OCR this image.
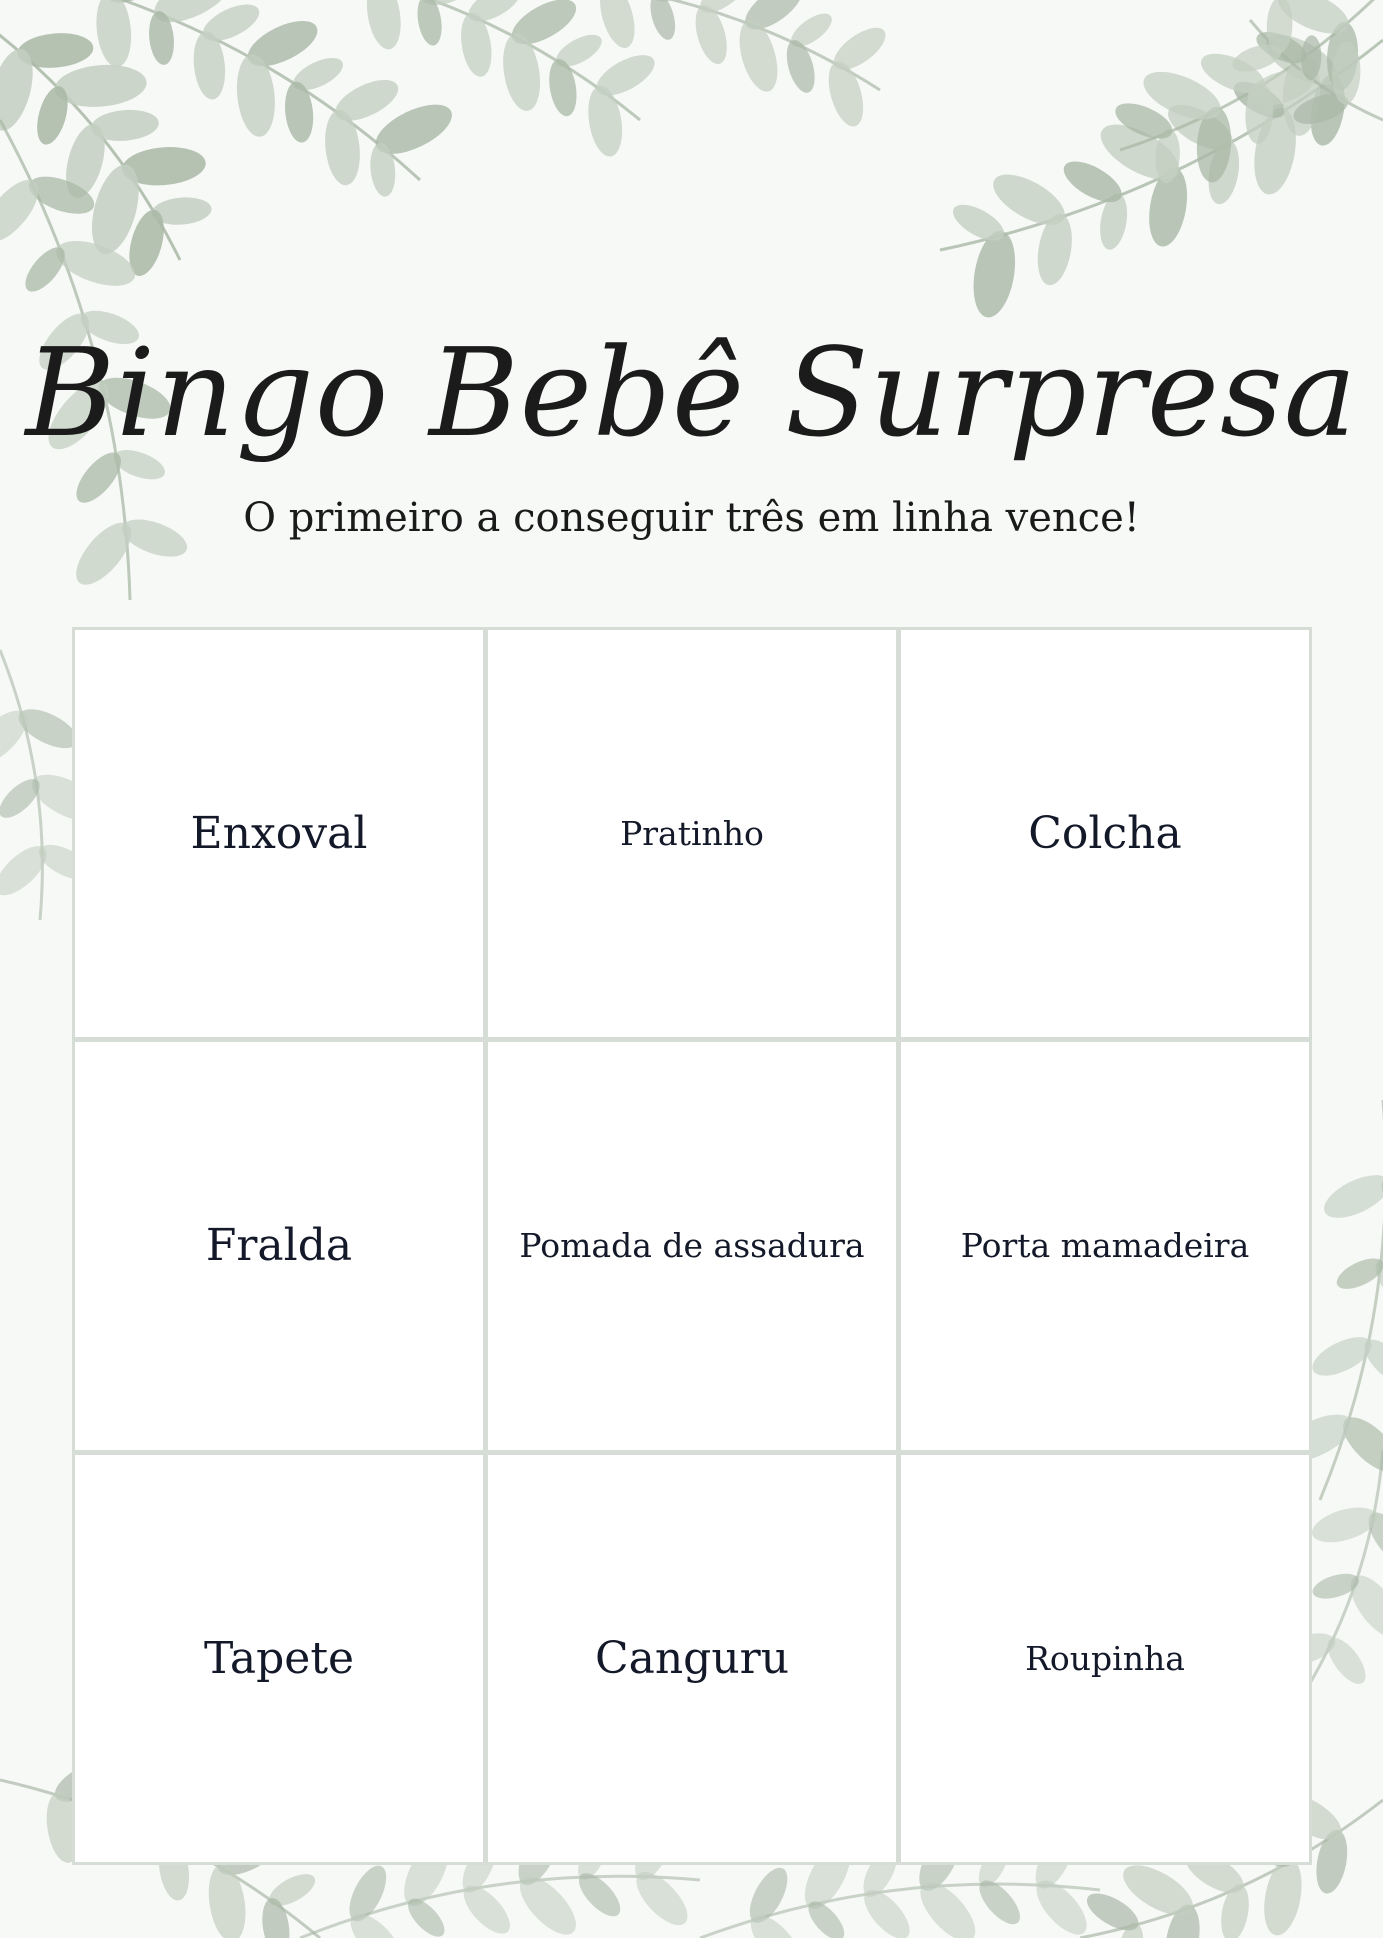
Bingo Bebê Surpresa
O primeiro a conseguir três em linha vence!
Enxoval	Pratinho	Colcha
Fralda	Pomada de assadura	Porta mamadeira
Tapete	Canguru	Roupinha
